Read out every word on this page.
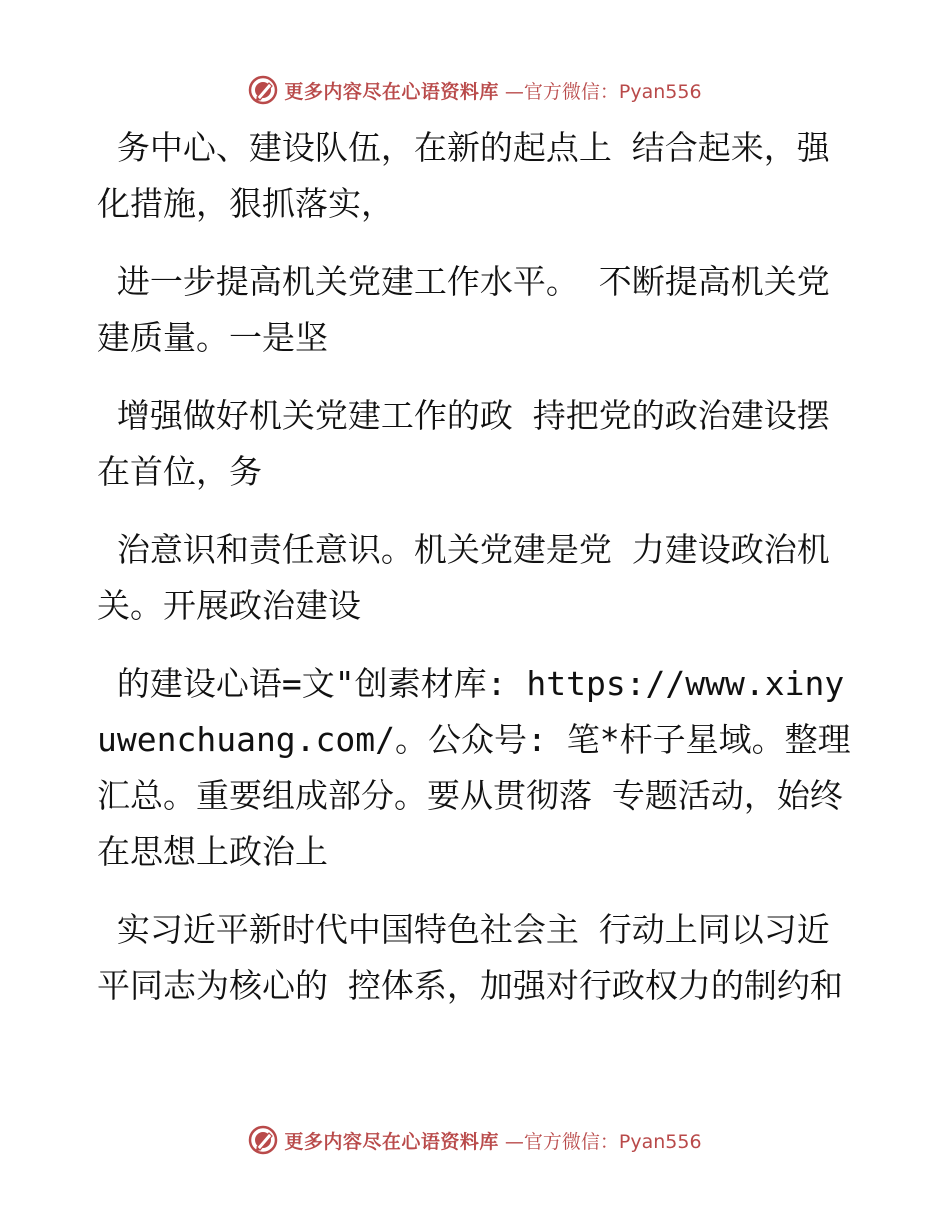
更多内容尽在心语资料库 —官方微信：Pyan556

务中心、建设队伍，在新的起点上 结合起来，强化措施，狠抓落实，

进一步提高机关党建工作水平。 不断提高机关党建质量。一是坚

增强做好机关党建工作的政 持把党的政治建设摆在首位，务

治意识和责任意识。机关党建是党 力建设政治机关。开展政治建设

的建设心语=文"创素材库: https://www.xinyuwenchuang.com/。公众号: 笔*杆子星域。整理汇总。重要组成部分。要从贯彻落 专题活动，始终在思想上政治上

实习近平新时代中国特色社会主 行动上同以习近平同志为核心的 控体系，加强对行政权力的制约和

更多内容尽在心语资料库 —官方微信：Pyan556
